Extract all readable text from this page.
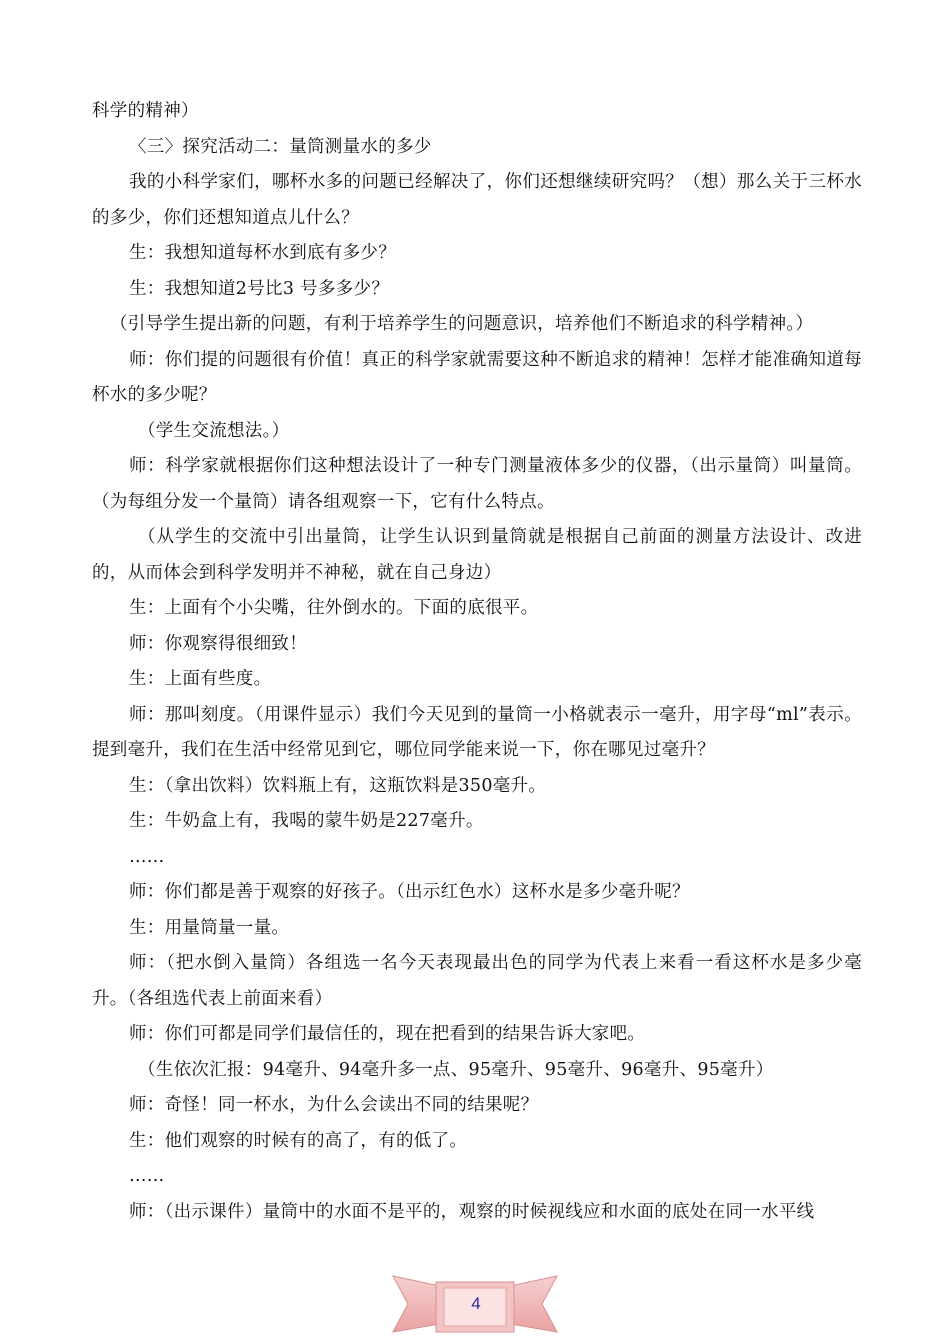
科学的精神）

〈三〉探究活动二：量筒测量水的多少

我的小科学家们，哪杯水多的问题已经解决了，你们还想继续研究吗？（想）那么关于三杯水的多少，你们还想知道点儿什么？

生：我想知道每杯水到底有多少？

生：我想知道2号比3 号多多少？

（引导学生提出新的问题，有利于培养学生的问题意识，培养他们不断追求的科学精神。）

师：你们提的问题很有价值！真正的科学家就需要这种不断追求的精神！怎样才能准确知道每杯水的多少呢？

（学生交流想法。）

师：科学家就根据你们这种想法设计了一种专门测量液体多少的仪器，（出示量筒）叫量筒。（为每组分发一个量筒）请各组观察一下，它有什么特点。

（从学生的交流中引出量筒，让学生认识到量筒就是根据自己前面的测量方法设计、改进的，从而体会到科学发明并不神秘，就在自己身边）

生：上面有个小尖嘴，往外倒水的。下面的底很平。

师：你观察得很细致！

生：上面有些度。

师：那叫刻度。（用课件显示）我们今天见到的量筒一小格就表示一毫升，用字母“ml”表示。提到毫升，我们在生活中经常见到它，哪位同学能来说一下，你在哪见过毫升？

生：（拿出饮料）饮料瓶上有，这瓶饮料是350毫升。

生：牛奶盒上有，我喝的蒙牛奶是227毫升。

……

师：你们都是善于观察的好孩子。（出示红色水）这杯水是多少毫升呢？

生：用量筒量一量。

师：（把水倒入量筒）各组选一名今天表现最出色的同学为代表上来看一看这杯水是多少毫升。（各组选代表上前面来看）

师：你们可都是同学们最信任的，现在把看到的结果告诉大家吧。

（生依次汇报：94毫升、94毫升多一点、95毫升、95毫升、96毫升、95毫升）

师：奇怪！同一杯水，为什么会读出不同的结果呢？

生：他们观察的时候有的高了，有的低了。

……

师：（出示课件）量筒中的水面不是平的，观察的时候视线应和水面的底处在同一水平线

4
